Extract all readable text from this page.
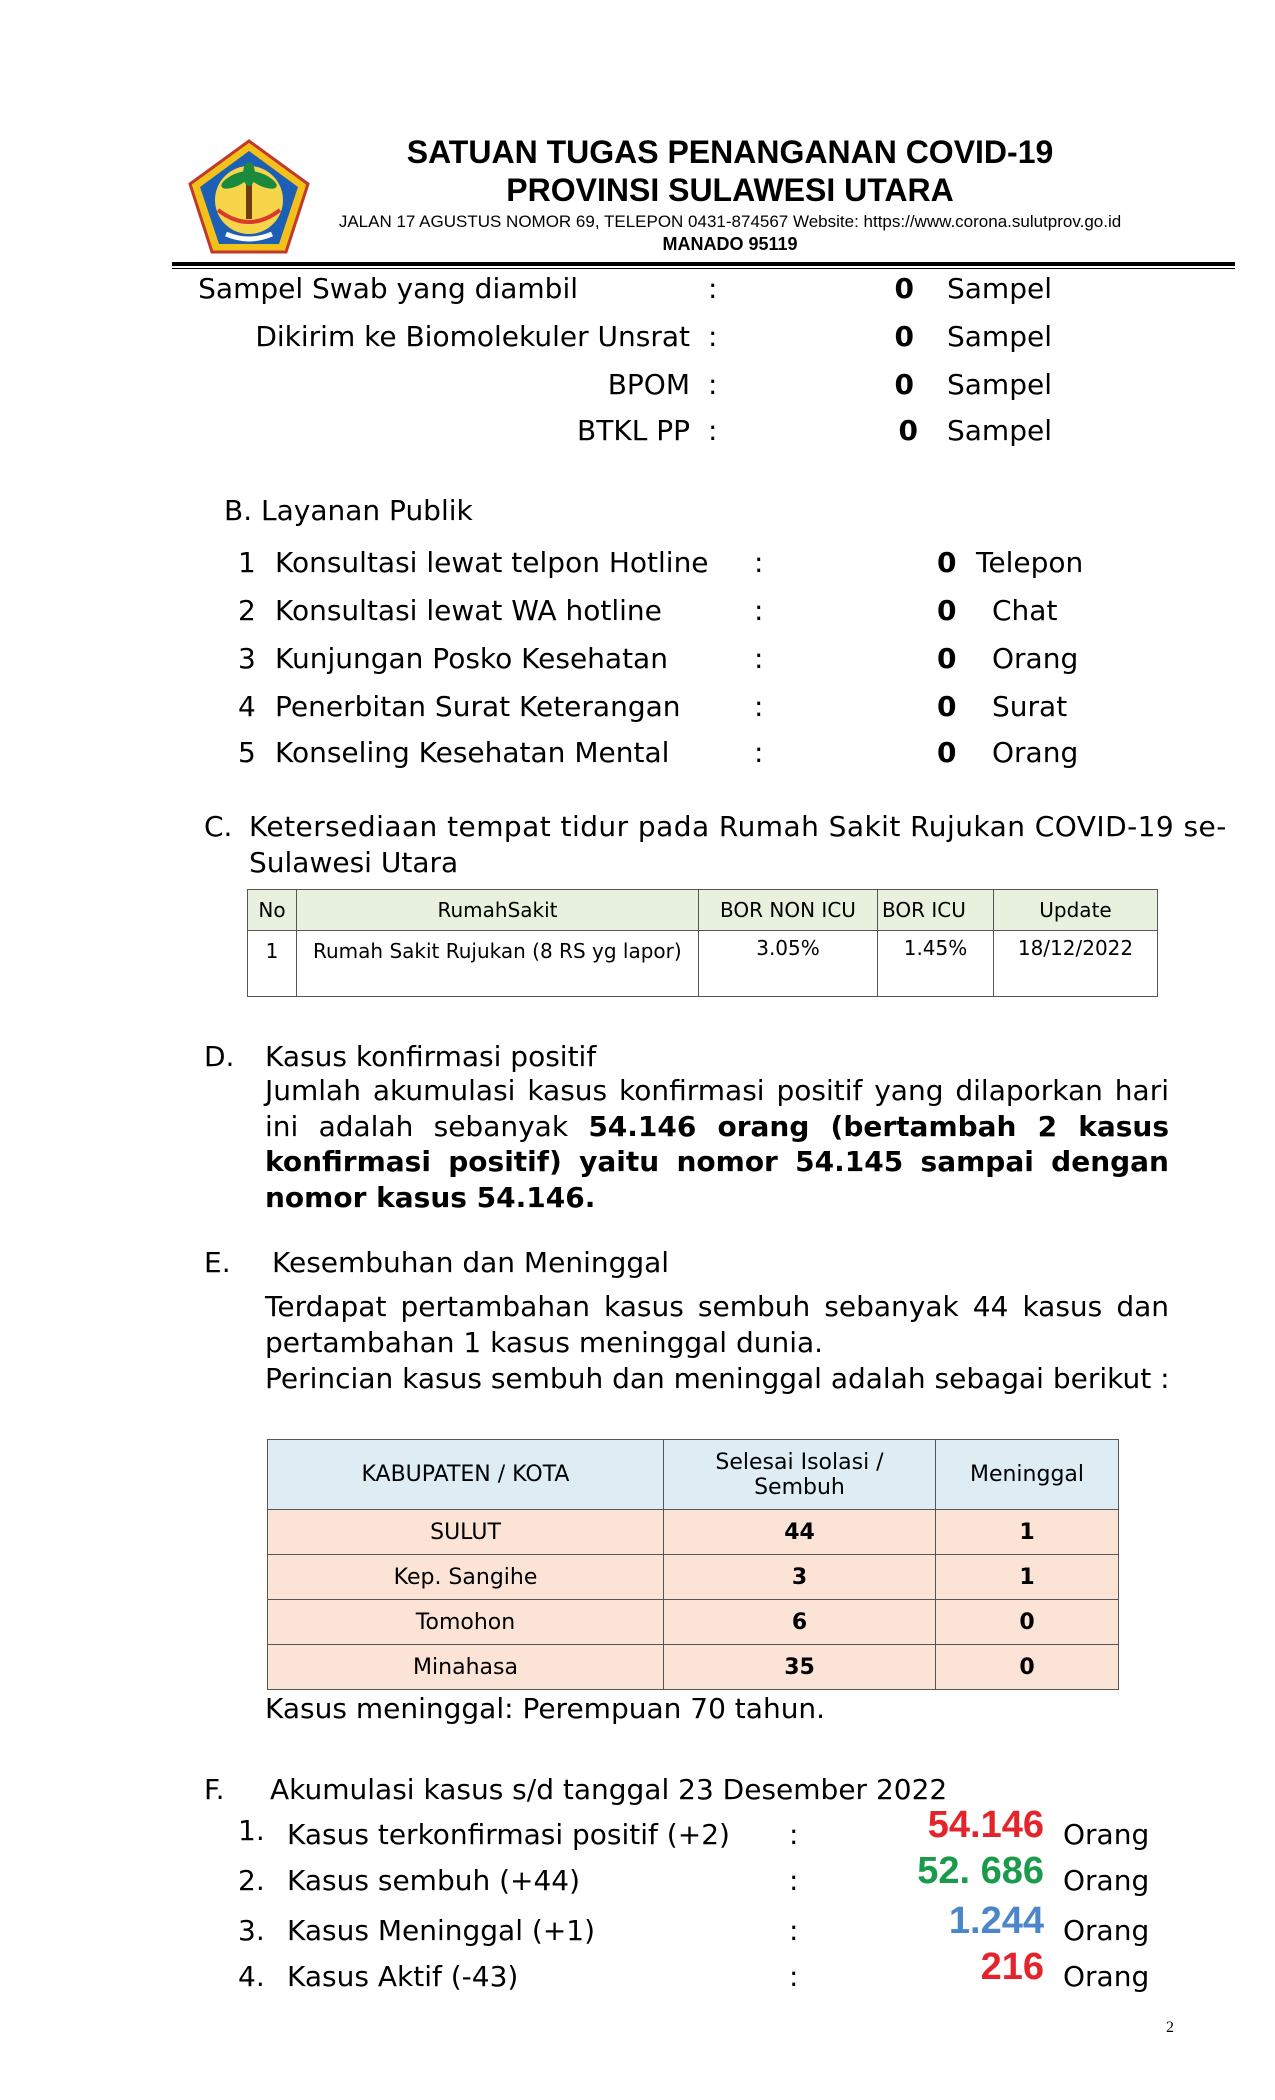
SATUAN TUGAS PENANGANAN COVID-19
PROVINSI SULAWESI UTARA
JALAN 17 AGUSTUS NOMOR 69, TELEPON 0431-874567 Website: https://www.corona.sulutprov.go.id
MANADO 95119
Sampel Swab yang diambil	:	0 Sampel
Dikirim ke Biomolekuler Unsrat :	0 Sampel
BPOM :	0 Sampel
BTKL PP :	0 Sampel
B. Layanan Publik
1 Konsultasi lewat telpon Hotline :	0 Telepon
2 Konsultasi lewat WA hotline	:	0 Chat
3 Kunjungan Posko Kesehatan	:	0 Orang
4 Penerbitan Surat Keterangan	:	0 Surat
5 Konseling Kesehatan Mental	:	0 Orang
C. Ketersediaan tempat tidur pada Rumah Sakit Rujukan COVID-19 se-
Sulawesi Utara
No	RumahSakit	BOR NON ICU	BOR ICU	Update
1	Rumah Sakit Rujukan (8 RS yg lapor)	3.05%	1.45%	18/12/2022
D. Kasus konfirmasi positif
Jumlah akumulasi kasus konfirmasi positif yang dilaporkan hari ini adalah sebanyak 54.146 orang (bertambah 2 kasus konfirmasi positif) yaitu nomor 54.145 sampai dengan nomor kasus 54.146.
E. Kesembuhan dan Meninggal
Terdapat pertambahan kasus sembuh sebanyak 44 kasus dan pertambahan 1 kasus meninggal dunia.
Perincian kasus sembuh dan meninggal adalah sebagai berikut :
KABUPATEN / KOTA	Selesai Isolasi / Sembuh	Meninggal
SULUT	44	1
Kep. Sangihe	3	1
Tomohon	6	0
Minahasa	35	0
Kasus meninggal: Perempuan 70 tahun.
F. Akumulasi kasus s/d tanggal 23 Desember 2022
1. Kasus terkonfirmasi positif (+2) :	54.146 Orang
2. Kasus sembuh (+44)	:	52. 686 Orang
3. Kasus Meninggal (+1)	:	1.244 Orang
4. Kasus Aktif (-43)	:	216 Orang
2
